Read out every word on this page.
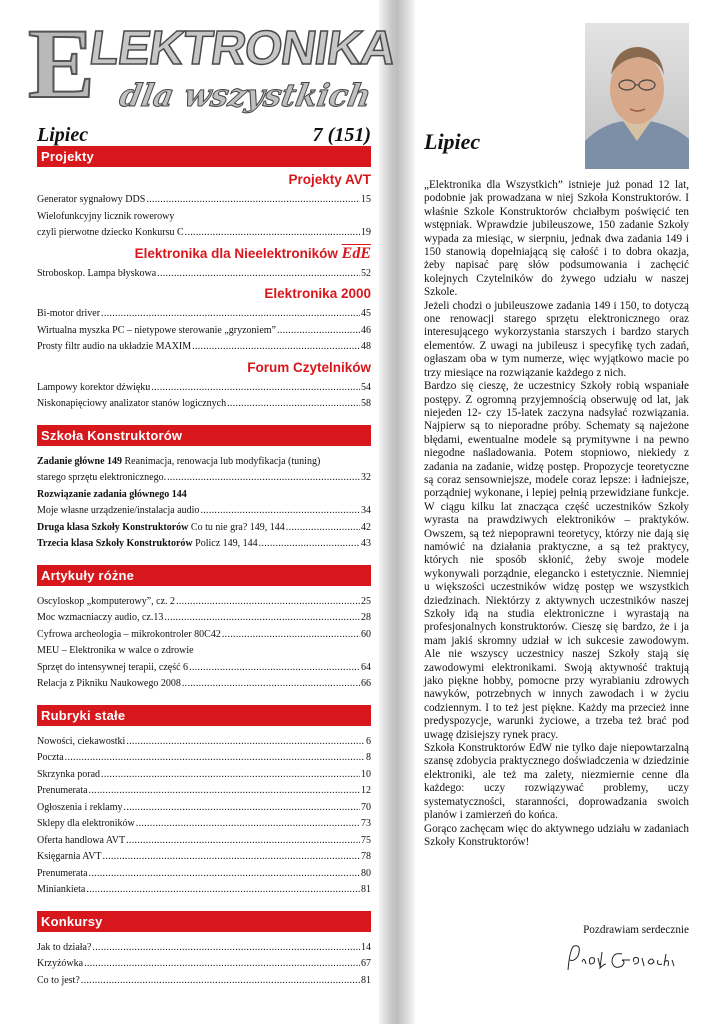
E
LEKTRONIKA
dla wszystkich
Lipiec	7 (151)
Projekty
Projekty AVT
Generator sygnałowy DDS .....	15
Wielofunkcyjny licznik rowerowy
czyli pierwotne dziecko Konkursu C .....	19
Elektronika dla Nieelektroników $\overline{EdE}$
Stroboskop. Lampa błyskowa .....	52
Elektronika 2000
Bi-motor driver .....	45
Wirtualna myszka PC – nietypowe sterowanie „gryzoniem” .....	46
Prosty filtr audio na układzie MAXIM .....	48
Forum Czytelników
Lampowy korektor dźwięku .....	54
Niskonapięciowy analizator stanów logicznych .....	58
Szkoła Konstruktorów
Zadanie główne 149 Reanimacja, renowacja lub modyfikacja (tuning)
starego sprzętu elektronicznego. .....	32
Rozwiązanie zadania głównego 144
Moje własne urządzenie/instalacja audio .....	34
Druga klasa Szkoły Konstruktorów Co tu nie gra? 149, 144 .....	42
Trzecia klasa Szkoły Konstruktorów Policz 149, 144 .....	43
Artykuły różne
Oscyloskop „komputerowy”, cz. 2 .....	25
Moc wzmacniaczy audio, cz.13 .....	28
Cyfrowa archeologia – mikrokontroler 80C42 .....	60
MEU – Elektronika w walce o zdrowie
Sprzęt do intensywnej terapii, część 6 .....	64
Relacja z Pikniku Naukowego 2008 .....	66
Rubryki stałe
Nowości, ciekawostki .....	6
Poczta .....	8
Skrzynka porad .....	10
Prenumerata .....	12
Ogłoszenia i reklamy .....	70
Sklepy dla elektroników .....	73
Oferta handlowa AVT .....	75
Księgarnia AVT .....	78
Prenumerata .....	80
Miniankieta .....	81
Konkursy
Jak to działa? .....	14
Krzyżówka .....	67
Co to jest? .....	81
Lipiec

„Elektronika dla Wszystkich” istnieje już ponad 12 lat, podobnie jak prowadzana w niej Szkoła Konstruktorów. I właśnie Szkole Konstruktorów chciałbym poświęcić ten wstępniak. Wprawdzie jubileuszowe, 150 zadanie Szkoły wypada za miesiąc, w sierpniu, jednak dwa zadania 149 i 150 stanowią dopełniającą się całość i to dobra okazja, żeby napisać parę słów podsumowania i zachęcić kolejnych Czytelników do żywego udziału w naszej Szkole.

Jeżeli chodzi o jubileuszowe zadania 149 i 150, to dotyczą one renowacji starego sprzętu elektronicznego oraz interesującego wykorzystania starszych i bardzo starych elementów. Z uwagi na jubileusz i specyfikę tych zadań, ogłaszam oba w tym numerze, więc wyjątkowo macie po trzy miesiące na rozwiązanie każdego z nich.

Bardzo się cieszę, że uczestnicy Szkoły robią wspaniałe postępy. Z ogromną przyjemnością obserwuję od lat, jak niejeden 12- czy 15-latek zaczyna nadsyłać rozwiązania. Najpierw są to nieporadne próby. Schematy są najeżone błędami, ewentualne modele są prymitywne i na pewno niegodne naśladowania. Potem stopniowo, niekiedy z zadania na zadanie, widzę postęp. Propozycje teoretyczne są coraz sensowniejsze, modele coraz lepsze: i ładniejsze, porządniej wykonane, i lepiej pełnią przewidziane funkcje. W ciągu kilku lat znacząca część uczestników Szkoły wyrasta na prawdziwych elektroników – praktyków. Owszem, są też niepoprawni teoretycy, którzy nie dają się namówić na działania praktyczne, a są też praktycy, których nie sposób skłonić, żeby swoje modele wykonywali porządnie, elegancko i estetycznie. Niemniej u większości uczestników widzę postęp we wszystkich dziedzinach. Niektórzy z aktywnych uczestników naszej Szkoły idą na studia elektroniczne i wyrastają na profesjonalnych konstruktorów. Cieszę się bardzo, że i ja mam jakiś skromny udział w ich sukcesie zawodowym. Ale nie wszyscy uczestnicy naszej Szkoły stają się zawodowymi elektronikami. Swoją aktywność traktują jako piękne hobby, pomocne przy wyrabianiu zdrowych nawyków, potrzebnych w innych zawodach i w życiu codziennym. I to też jest piękne. Każdy ma przecież inne predyspozycje, warunki życiowe, a trzeba też brać pod uwagę dzisiejszy rynek pracy.

Szkoła Konstruktorów EdW nie tylko daje niepowtarzalną szansę zdobycia praktycznego doświadczenia w dziedzinie elektroniki, ale też ma zalety, niezmiernie cenne dla każdego: uczy rozwiązywać problemy, uczy systematyczności, staranności, doprowadzania swoich planów i zamierzeń do końca.

Gorąco zachęcam więc do aktywnego udziału w zadaniach Szkoły Konstruktorów!

Pozdrawiam serdecznie
